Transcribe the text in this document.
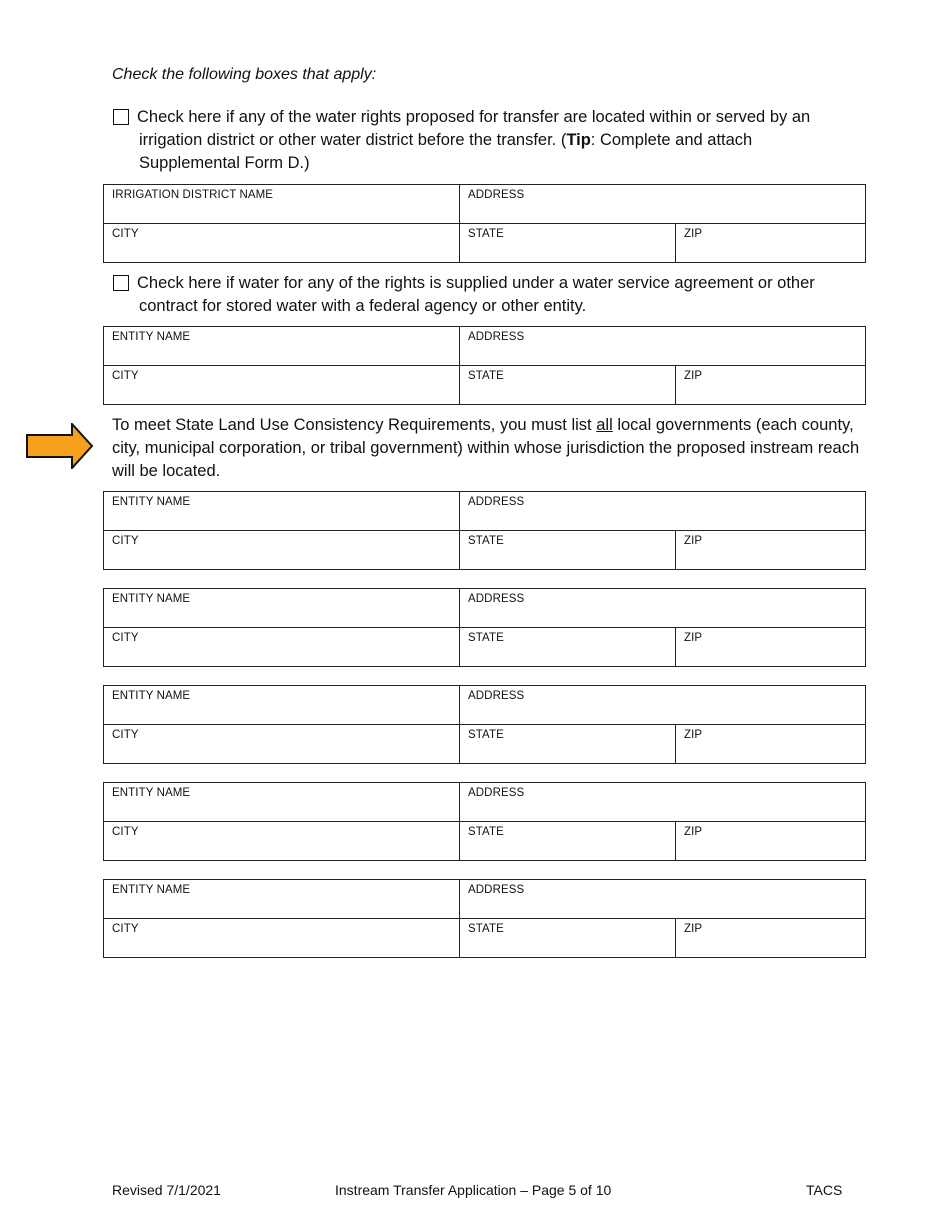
Check the following boxes that apply:
Check here if any of the water rights proposed for transfer are located within or served by an irrigation district or other water district before the transfer. (Tip: Complete and attach Supplemental Form D.)
IRRIGATION DISTRICT NAME	ADDRESS
CITY	STATE	ZIP
Check here if water for any of the rights is supplied under a water service agreement or other contract for stored water with a federal agency or other entity.
ENTITY NAME	ADDRESS
CITY	STATE	ZIP
To meet State Land Use Consistency Requirements, you must list all local governments (each county, city, municipal corporation, or tribal government) within whose jurisdiction the proposed instream reach will be located.
ENTITY NAME	ADDRESS
CITY	STATE	ZIP
ENTITY NAME	ADDRESS
CITY	STATE	ZIP
ENTITY NAME	ADDRESS
CITY	STATE	ZIP
ENTITY NAME	ADDRESS
CITY	STATE	ZIP
ENTITY NAME	ADDRESS
CITY	STATE	ZIP
Revised 7/1/2021	Instream Transfer Application – Page 5 of 10	TACS
